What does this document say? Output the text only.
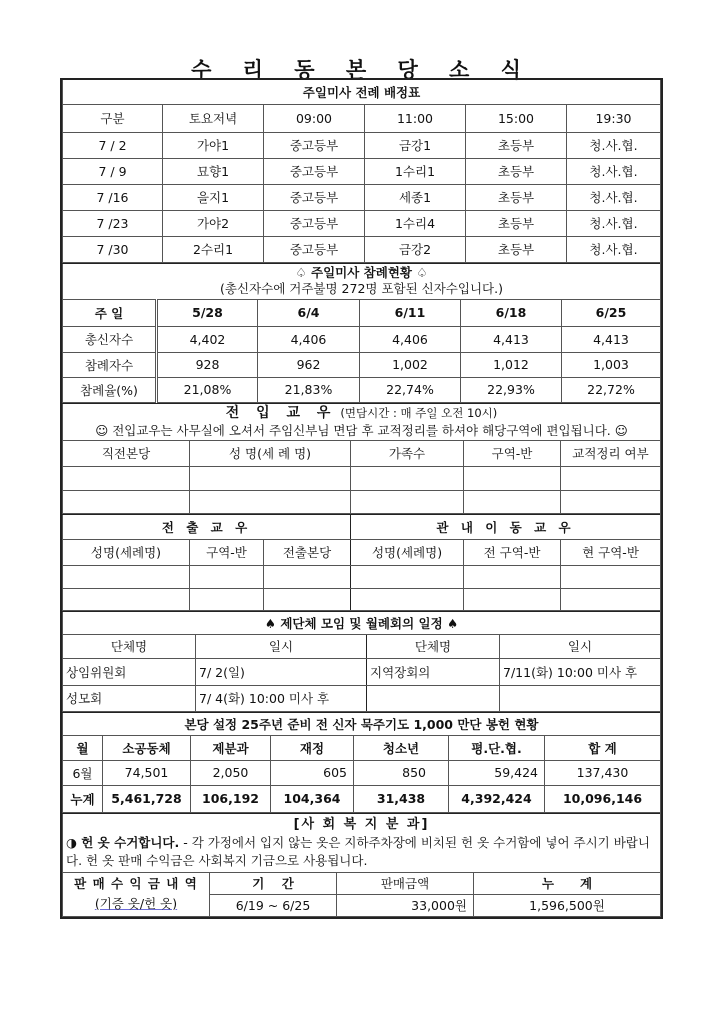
수 리 동 본 당 소 식
주일미사 전례 배정표					
구분	토요저녁	09:00	11:00	15:00	19:30
7 / 2	가야1	중고등부	금강1	초등부	청.사.협.
7 / 9	묘향1	중고등부	1수리1	초등부	청.사.협.
7 /16	을지1	중고등부	세종1	초등부	청.사.협.
7 /23	가야2	중고등부	1수리4	초등부	청.사.협.
7 /30	2수리1	중고등부	금강2	초등부	청.사.협.
♤ 주일미사 참례현황 ♤
(총신자수에 거주불명 272명 포함된 신자수입니다.)					

주 일	5/28	6/4	6/11	6/18	6/25
총신자수	4,402	4,406	4,406	4,413	4,413
참례자수	928	962	1,002	1,012	1,003
참례율(%)	21,08%	21,83%	22,74%	22,93%	22,72%
전 입 교 우 (면담시간 : 매 주일 오전 10시)
☺ 전입교우는 사무실에 오셔서 주임신부님 면담 후 교적정리를 하셔야 해당구역에 편입됩니다. ☺				

직전본당	성 명(세 례 명)	가족수	구역-반	교적정리 여부

전 출 교 우			관 내 이 동 교 우		
성명(세례명)	구역-반	전출본당	성명(세례명)	전 구역-반	현 구역-반

♠ 제단체 모임 및 월례회의 일정 ♠			
단체명	일시	단체명	일시
상임위원회	7/ 2(일)	지역장회의	7/11(화) 10:00 미사 후
성모회	7/ 4(화) 10:00 미사 후		
본당 설정 25주년 준비 전 신자 묵주기도 1,000 만단 봉헌 현황						
월	소공동체	제분과	재정	청소년	평.단.협.	합 계
6월	74,501	2,050	605	850	59,424	137,430
누계	5,461,728	106,192	104,364	31,438	4,392,424	10,096,146
[사 회 복 지 분 과]
◑ 헌 옷 수거합니다. - 각 가정에서 입지 않는 옷은 지하주차장에 비치된 헌 옷 수거함에 넣어 주시기 바랍니다. 헌 옷 판매 수익금은 사회복지 기금으로 사용됩니다.			

판 매 수 익 금 내 역
(기증 옷/헌 옷)	기    간	판매금액	누      계
	6/19 ~ 6/25	33,000원	1,596,500원
